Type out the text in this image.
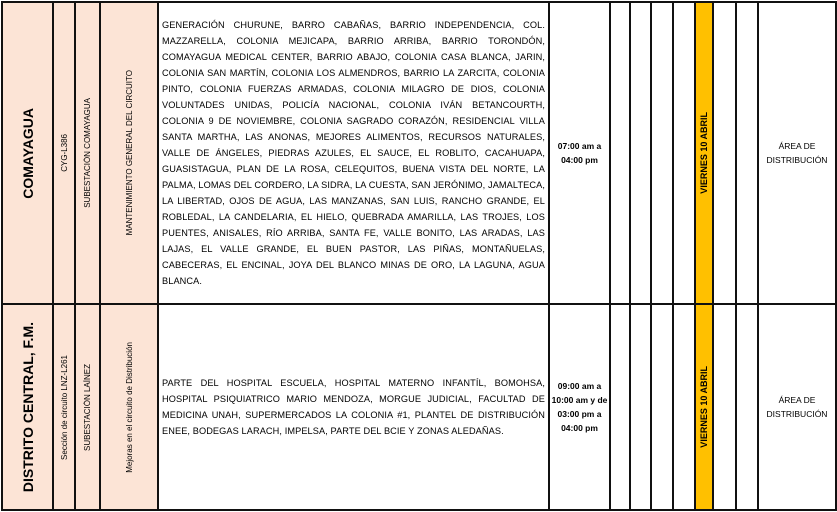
COMAYAGUA	CYG-L386	SUBESTACIÓN COMAYAGUA	MANTENIMIENTO GENERAL DEL CIRCUITO	GENERACIÓN CHURUNE, BARRO CABAÑAS, BARRIO INDEPENDENCIA, COL. MAZZARELLA, COLONIA MEJICAPA, BARRIO ARRIBA, BARRIO TORONDÓN, COMAYAGUA MEDICAL CENTER, BARRIO ABAJO, COLONIA CASA BLANCA, JARIN, COLONIA SAN MARTÍN, COLONIA LOS ALMENDROS, BARRIO LA ZARCITA, COLONIA PINTO, COLONIA FUERZAS ARMADAS, COLONIA MILAGRO DE DIOS, COLONIA VOLUNTADES UNIDAS, POLICÍA NACIONAL, COLONIA IVÁN BETANCOURTH, COLONIA 9 DE NOVIEMBRE, COLONIA SAGRADO CORAZÓN, RESIDENCIAL VILLA SANTA MARTHA, LAS ANONAS, MEJORES ALIMENTOS, RECURSOS NATURALES, VALLE DE ÁNGELES, PIEDRAS AZULES, EL SAUCE, EL ROBLITO, CACAHUAPA, GUASISTAGUA, PLAN DE LA ROSA, CELEQUITOS, BUENA VISTA DEL NORTE, LA PALMA, LOMAS DEL CORDERO, LA SIDRA, LA CUESTA, SAN JERÓNIMO, JAMALTECA, LA LIBERTAD, OJOS DE AGUA, LAS MANZANAS, SAN LUIS, RANCHO GRANDE, EL ROBLEDAL, LA CANDELARIA, EL HIELO, QUEBRADA AMARILLA, LAS TROJES, LOS PUENTES, ANISALES, RÍO ARRIBA, SANTA FE, VALLE BONITO, LAS ARADAS, LAS LAJAS, EL VALLE GRANDE, EL BUEN PASTOR, LAS PIÑAS, MONTAÑUELAS, CABECERAS, EL ENCINAL, JOYA DEL BLANCO MINAS DE ORO, LA LAGUNA, AGUA BLANCA.	07:00 am a 04:00 pm					VIERNES 10 ABRIL			ÁREA DE DISTRIBUCIÓN

DISTRITO CENTRAL, F.M.	Sección de circuito LNZ-L261	SUBESTACIÓN LAÍNEZ	Mejoras en el circuito de Distribución	PARTE DEL HOSPITAL ESCUELA, HOSPITAL MATERNO INFANTÍL, BOMOHSA, HOSPITAL PSIQUIATRICO MARIO MENDOZA, MORGUE JUDICIAL, FACULTAD DE MEDICINA UNAH, SUPERMERCADOS LA COLONIA #1, PLANTEL DE DISTRIBUCIÓN ENEE, BODEGAS LARACH, IMPELSA, PARTE DEL BCIE Y ZONAS ALEDAÑAS.	09:00 am a 10:00 am y de 03:00 pm a 04:00 pm					VIERNES 10 ABRIL			ÁREA DE DISTRIBUCIÓN
